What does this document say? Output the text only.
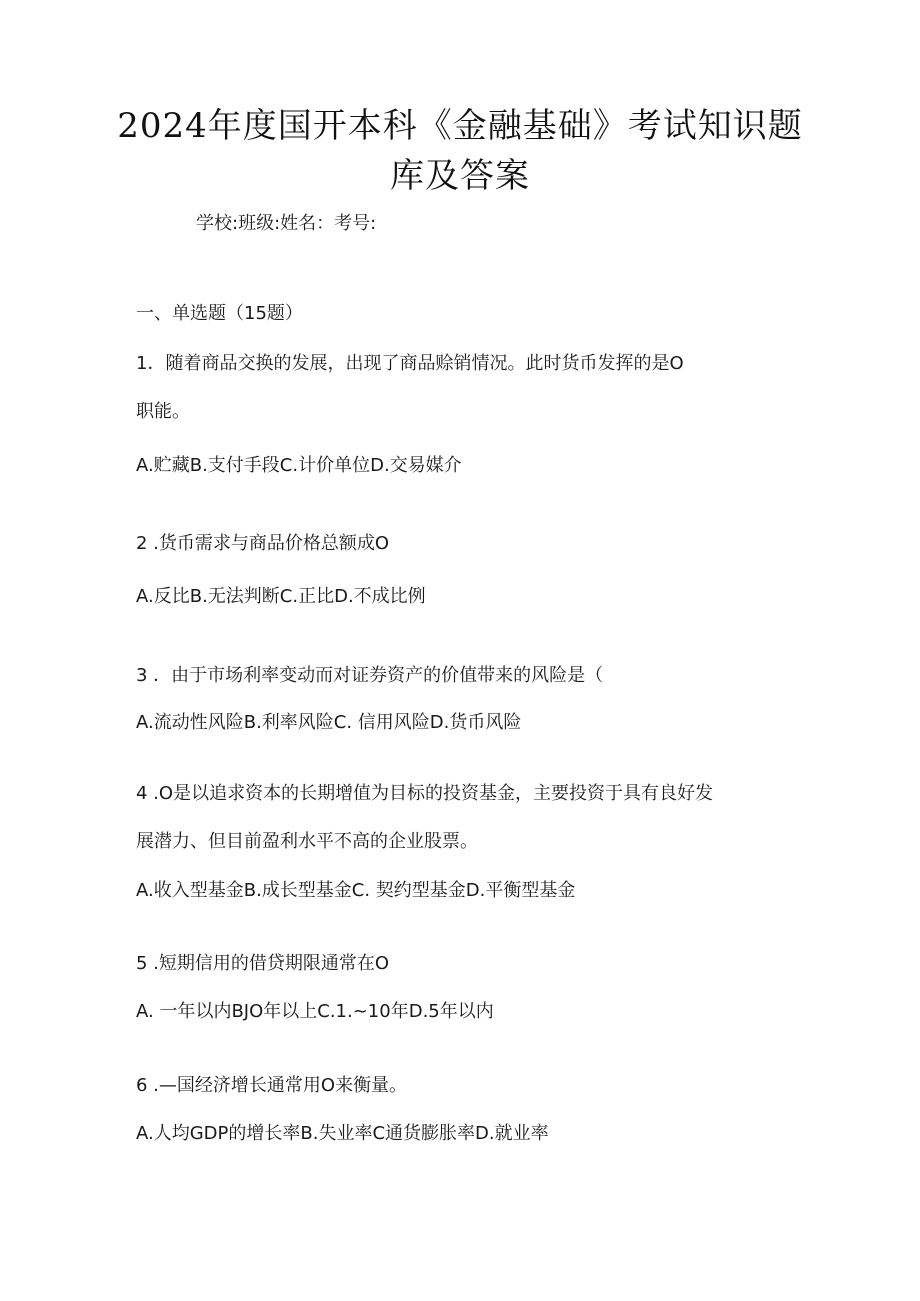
2024年度国开本科《金融基础》考试知识题
库及答案
学校:班级:姓名：考号:
一、单选题（15题）
1．随着商品交换的发展，出现了商品赊销情况。此时货币发挥的是O
职能。
A.贮藏B.支付手段C.计价单位D.交易媒介
2 .货币需求与商品价格总额成O
A.反比B.无法判断C.正比D.不成比例
3 ．由于市场利率变动而对证券资产的价值带来的风险是（
A.流动性风险B.利率风险C. 信用风险D.货币风险
4 .O是以追求资本的长期增值为目标的投资基金，主要投资于具有良好发
展潜力、但目前盈利水平不高的企业股票。
A.收入型基金B.成长型基金C. 契约型基金D.平衡型基金
5 .短期信用的借贷期限通常在O
A. 一年以内BJO年以上C.1.~10年D.5年以内
6 .—国经济增长通常用O来衡量。
A.人均GDP的增长率B.失业率C通货膨胀率D.就业率
